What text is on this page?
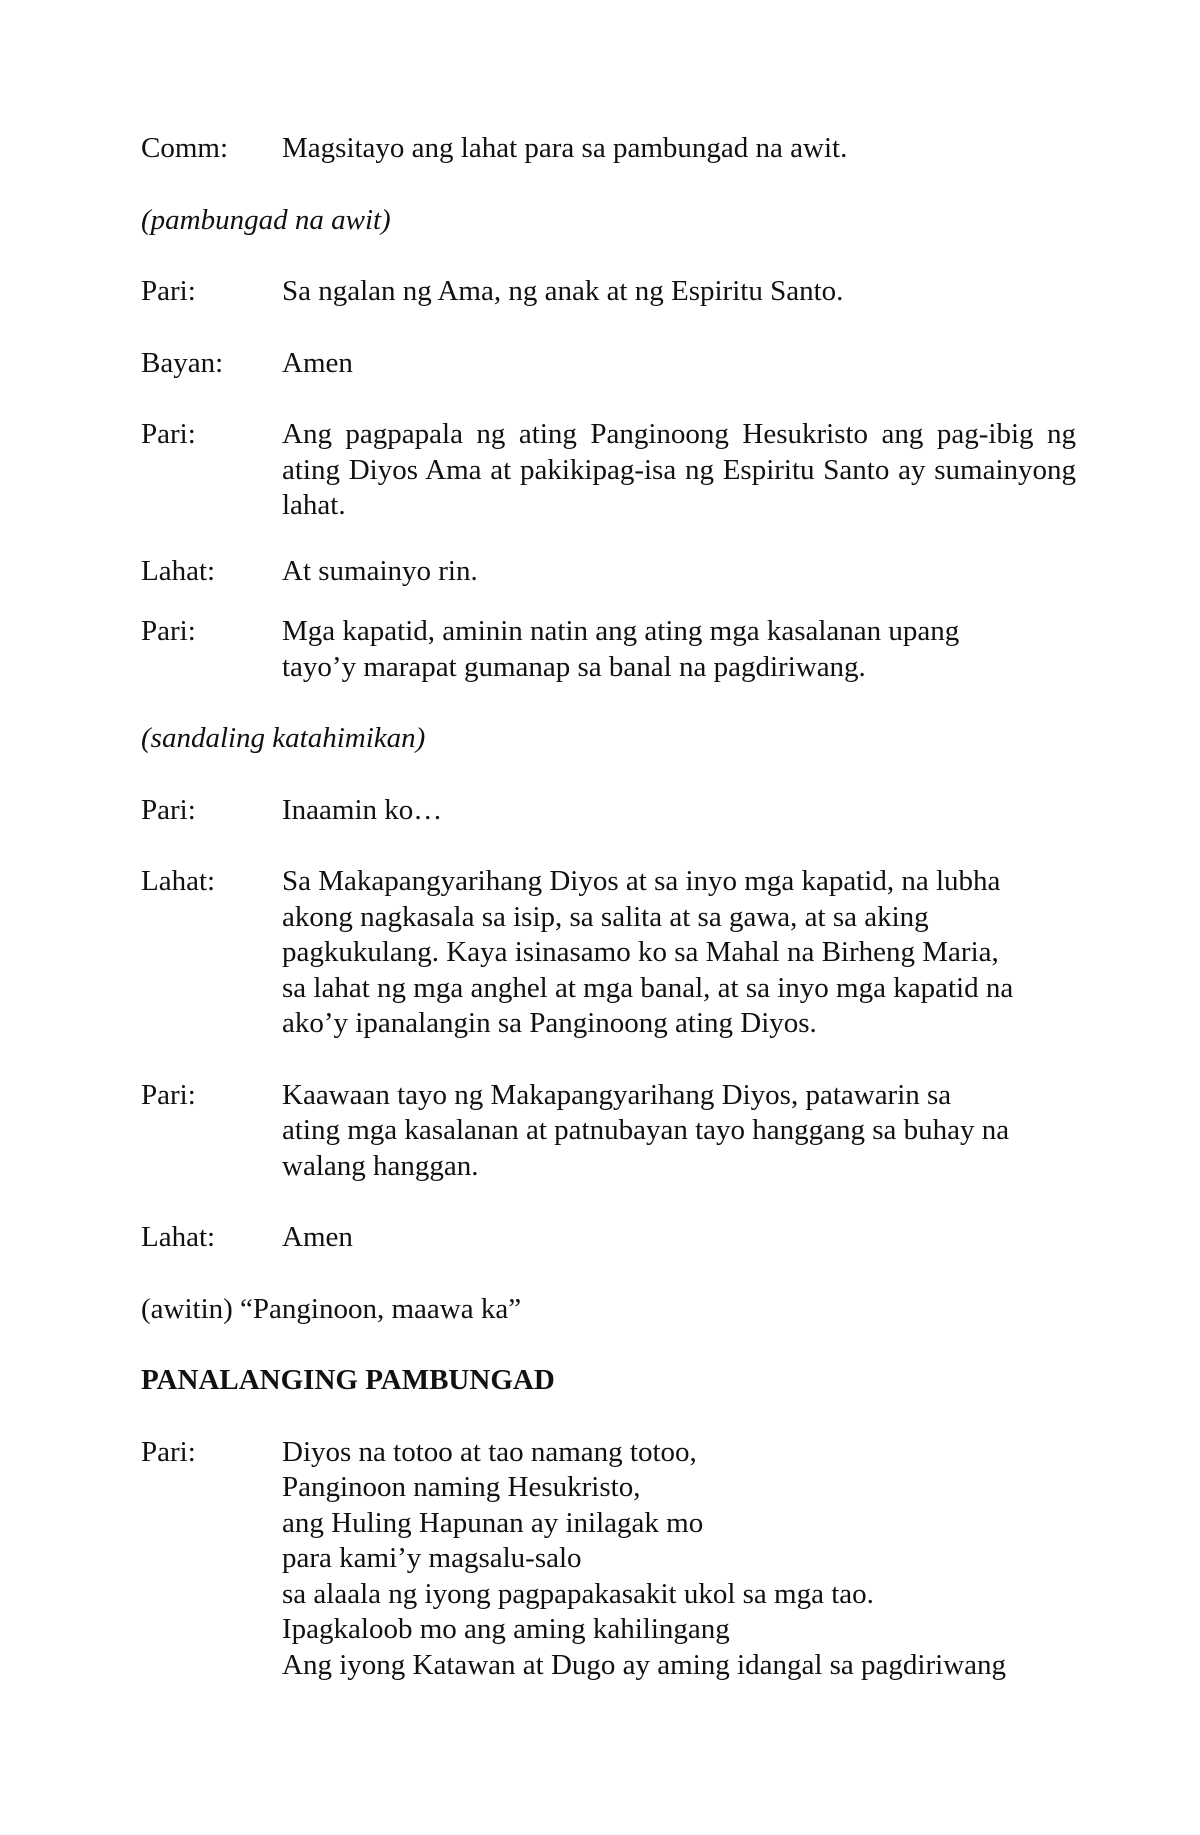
Comm:	Magsitayo ang lahat para sa pambungad na awit.
(pambungad na awit)
Pari:	Sa ngalan ng Ama, ng anak at ng Espiritu Santo.
Bayan:	Amen
Pari:	Ang pagpapala ng ating Panginoong Hesukristo ang pag-ibig ng ating Diyos Ama at pakikipag-isa ng Espiritu Santo ay sumainyong lahat.
Lahat:	At sumainyo rin.
Pari:	Mga kapatid, aminin natin ang ating mga kasalanan upang
tayo’y marapat gumanap sa banal na pagdiriwang.
(sandaling katahimikan)
Pari:	Inaamin ko…
Lahat:	Sa Makapangyarihang Diyos at sa inyo mga kapatid, na lubha
akong nagkasala sa isip, sa salita at sa gawa, at sa aking
pagkukulang. Kaya isinasamo ko sa Mahal na Birheng Maria,
sa lahat ng mga anghel at mga banal, at sa inyo mga kapatid na
ako’y ipanalangin sa Panginoong ating Diyos.
Pari:	Kaawaan tayo ng Makapangyarihang Diyos, patawarin sa
ating mga kasalanan at patnubayan tayo hanggang sa buhay na
walang hanggan.
Lahat:	Amen
(awitin) “Panginoon, maawa ka”
PANALANGING PAMBUNGAD
Pari:	Diyos na totoo at tao namang totoo,
Panginoon naming Hesukristo,
ang Huling Hapunan ay inilagak mo
para kami’y magsalu-salo
sa alaala ng iyong pagpapakasakit ukol sa mga tao.
Ipagkaloob mo ang aming kahilingang
Ang iyong Katawan at Dugo ay aming idangal sa pagdiriwang
